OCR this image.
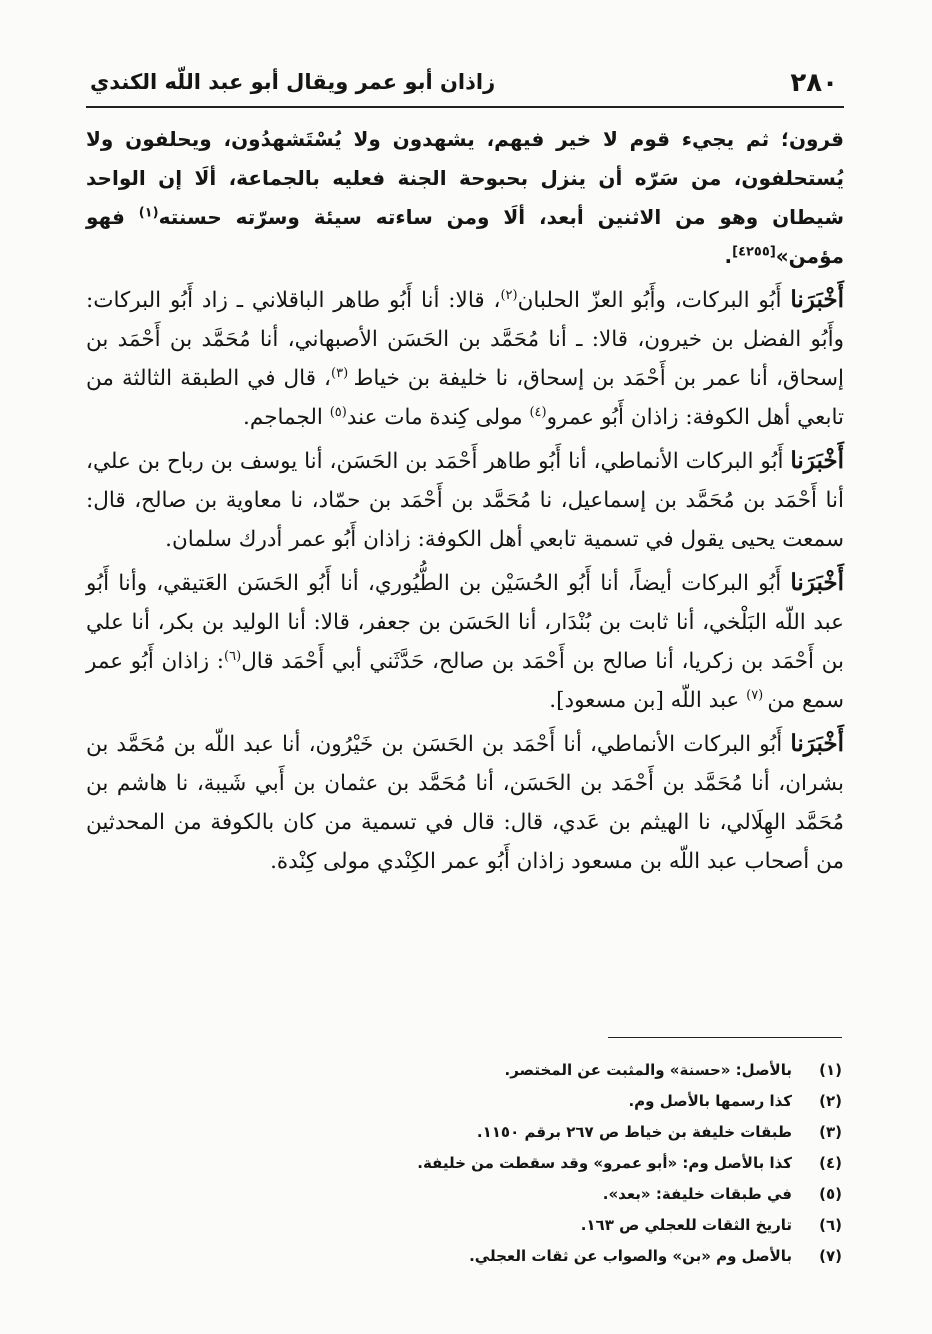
٢٨٠
زاذان أبو عمر ويقال أبو عبد اللّه الكندي

قرون؛ ثم يجيء قوم لا خير فيهم، يشهدون ولا يُسْتَشهدُون، ويحلفون ولا يُستحلفون، من سَرّه أن ينزل بحبوحة الجنة فعليه بالجماعة، ألَا إن الواحد شيطان وهو من الاثنين أبعد، ألَا ومن ساءته سيئة وسرّته حسنته$^{(١)}$ فهو مؤمن»[٤٢٥٥].

أَخْبَرَنا أَبُو البركات، وأَبُو العزّ الحلبان$^{(٢)}$، قالا: أنا أَبُو طاهر الباقلاني ـ زاد أَبُو البركات: وأَبُو الفضل بن خيرون، قالا: ـ أنا مُحَمَّد بن الحَسَن الأصبهاني، أنا مُحَمَّد بن أَحْمَد بن إسحاق، أنا عمر بن أَحْمَد بن إسحاق، نا خليفة بن خياط $^{(٣)}$، قال في الطبقة الثالثة من تابعي أهل الكوفة: زاذان أَبُو عمرو$^{(٤)}$ مولى كِندة مات عند$^{(٥)}$ الجماجم.

أَخْبَرَنا أَبُو البركات الأنماطي، أنا أَبُو طاهر أَحْمَد بن الحَسَن، أنا يوسف بن رباح بن علي، أنا أَحْمَد بن مُحَمَّد بن إسماعيل، نا مُحَمَّد بن أَحْمَد بن حمّاد، نا معاوية بن صالح، قال: سمعت يحيى يقول في تسمية تابعي أهل الكوفة: زاذان أَبُو عمر أدرك سلمان.

أَخْبَرَنا أَبُو البركات أيضاً، أنا أَبُو الحُسَيْن بن الطُّيُوري، أنا أَبُو الحَسَن العَتيقي، وأنا أَبُو عبد اللّه البَلْخي، أنا ثابت بن بُنْدَار، أنا الحَسَن بن جعفر، قالا: أنا الوليد بن بكر، أنا علي بن أَحْمَد بن زكريا، أنا صالح بن أَحْمَد بن صالح، حَدَّثَني أبي أَحْمَد قال$^{(٦)}$: زاذان أَبُو عمر سمع من $^{(٧)}$ عبد اللّه [بن مسعود].

أَخْبَرَنا أَبُو البركات الأنماطي، أنا أَحْمَد بن الحَسَن بن خَيْرُون، أنا عبد اللّه بن مُحَمَّد بن بشران، أنا مُحَمَّد بن أَحْمَد بن الحَسَن، أنا مُحَمَّد بن عثمان بن أَبي شَيبة، نا هاشم بن مُحَمَّد الهِلَالي، نا الهيثم بن عَدي، قال: قال في تسمية من كان بالكوفة من المحدثين من أصحاب عبد اللّه بن مسعود زاذان أَبُو عمر الكِنْدي مولى كِنْدة.

(١)
بالأصل: «حسنة» والمثبت عن المختصر.
(٢)
كذا رسمها بالأصل وم.
(٣)
طبقات خليفة بن خياط ص ٢٦٧ برقم ١١٥٠.
(٤)
كذا بالأصل وم: «أبو عمرو» وقد سقطت من خليفة.
(٥)
في طبقات خليفة: «بعد».
(٦)
تاريخ الثقات للعجلي ص ١٦٣.
(٧)
بالأصل وم «بن» والصواب عن ثقات العجلي.
